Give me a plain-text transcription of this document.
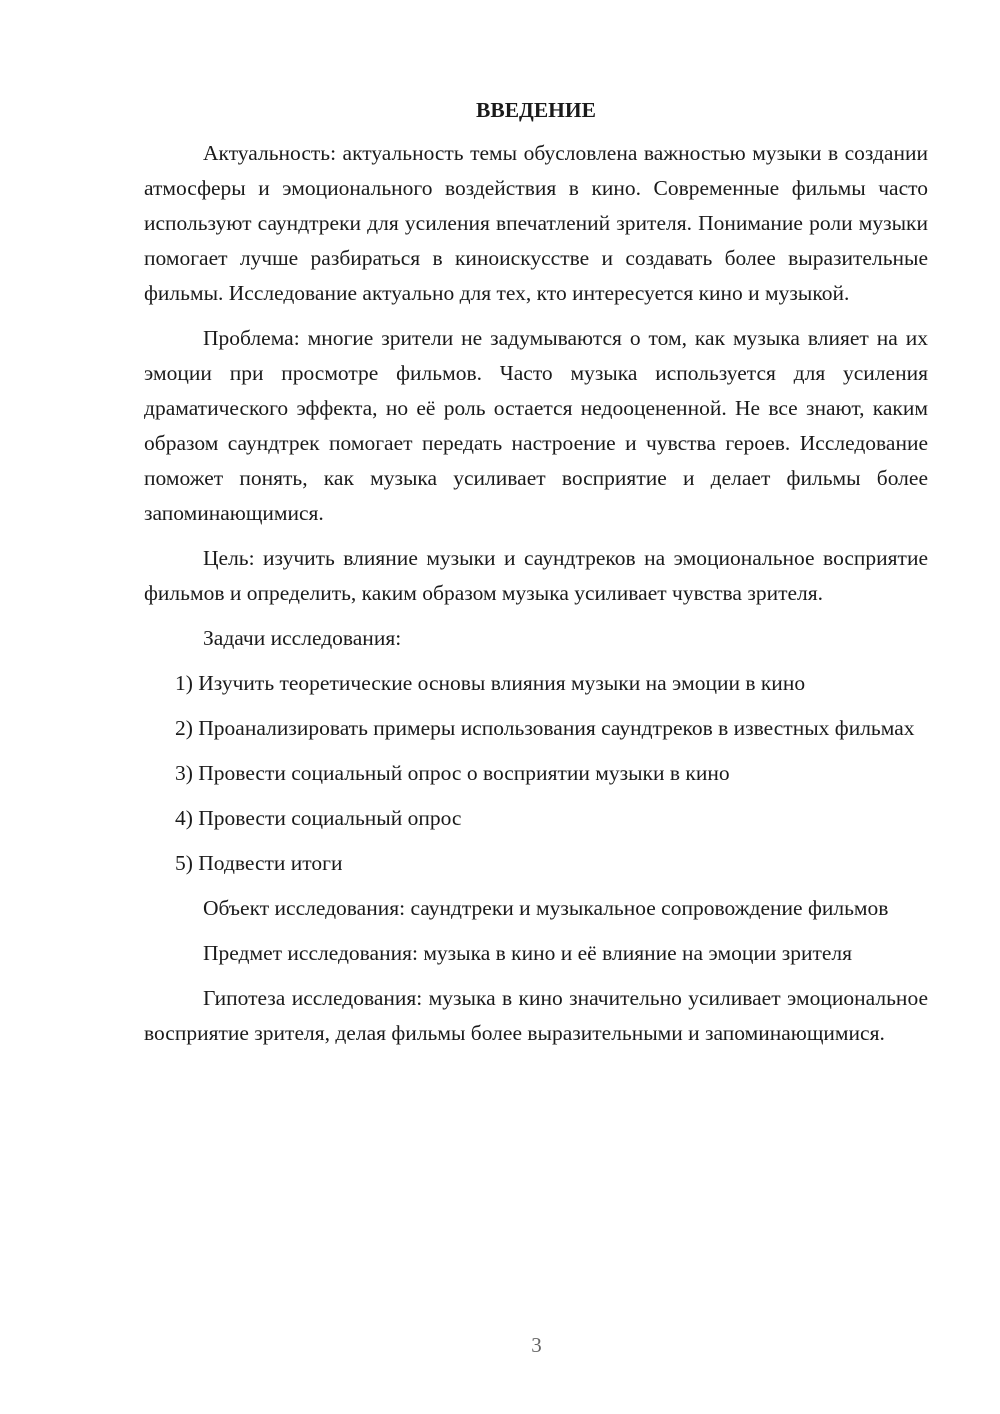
ВВЕДЕНИЕ

Актуальность: актуальность темы обусловлена важностью музыки в создании атмосферы и эмоционального воздействия в кино. Современные фильмы часто используют саундтреки для усиления впечатлений зрителя. Понимание роли музыки помогает лучше разбираться в киноискусстве и создавать более выразительные фильмы. Исследование актуально для тех, кто интересуется кино и музыкой.

Проблема: многие зрители не задумываются о том, как музыка влияет на их эмоции при просмотре фильмов. Часто музыка используется для усиления драматического эффекта, но её роль остается недооцененной. Не все знают, каким образом саундтрек помогает передать настроение и чувства героев. Исследование поможет понять, как музыка усиливает восприятие и делает фильмы более запоминающимися.

Цель: изучить влияние музыки и саундтреков на эмоциональное восприятие фильмов и определить, каким образом музыка усиливает чувства зрителя.

Задачи исследования:

1) Изучить теоретические основы влияния музыки на эмоции в кино

2) Проанализировать примеры использования саундтреков в известных фильмах

3) Провести социальный опрос о восприятии музыки в кино

4) Провести социальный опрос

5) Подвести итоги

Объект исследования: саундтреки и музыкальное сопровождение фильмов

Предмет исследования: музыка в кино и её влияние на эмоции зрителя

Гипотеза исследования: музыка в кино значительно усиливает эмоциональное восприятие зрителя, делая фильмы более выразительными и запоминающимися.

3
